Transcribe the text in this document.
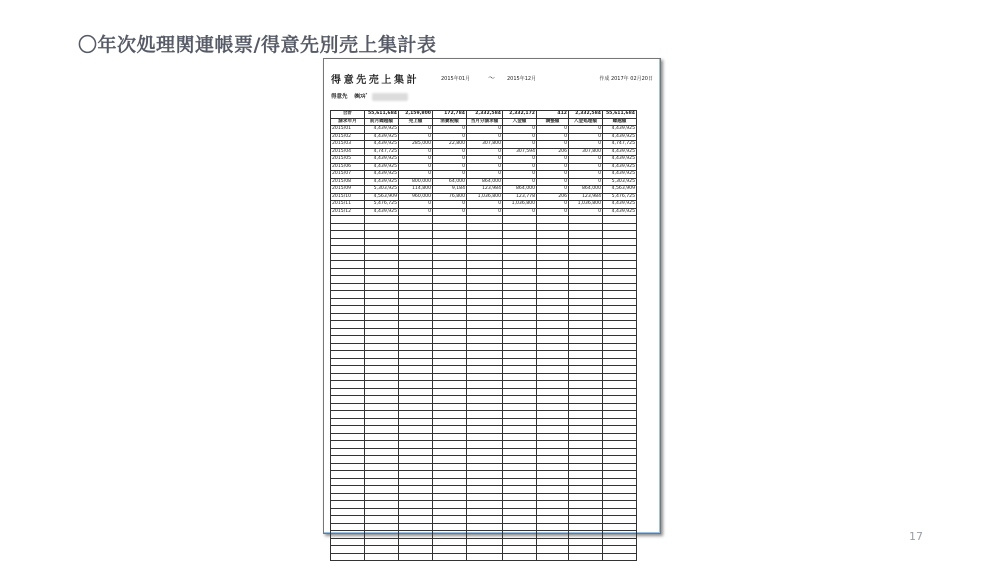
〇年次処理関連帳票/得意先別売上集計表
17
得意先売上集計	2015年01月	〜 2015年12月	作成 2017年 02月20日
得意先 ㈱ｽｷﾞ
合計	55,611,684	2,159,800	172,784	2,332,584	2,332,172	412	2,332,584	55,611,684
請求年月	前月繰越額	売上額	消費税額	当月分請求額	入金額	調整額	入金処理額	繰越額
2015/01	4,439,925	0	0	0	0	0	0	4,439,925
2015/02	4,439,925	0	0	0	0	0	0	4,439,925
2015/03	4,439,925	285,000	22,800	307,800	0	0	0	4,747,725
2015/04	4,747,725	0	0	0	307,594	206	307,800	4,439,925
2015/05	4,439,925	0	0	0	0	0	0	4,439,925
2015/06	4,439,925	0	0	0	0	0	0	4,439,925
2015/07	4,439,925	0	0	0	0	0	0	4,439,925
2015/08	4,439,925	800,000	64,000	864,000	0	0	0	5,303,925
2015/09	5,303,925	114,800	9,184	123,984	864,000	0	864,000	4,563,909
2015/10	4,563,909	960,000	76,800	1,036,800	123,778	206	123,984	5,476,725
2015/11	5,476,725	0	0	0	1,036,800	0	1,036,800	4,439,925
2015/12	4,439,925	0	0	0	0	0	0	4,439,925
